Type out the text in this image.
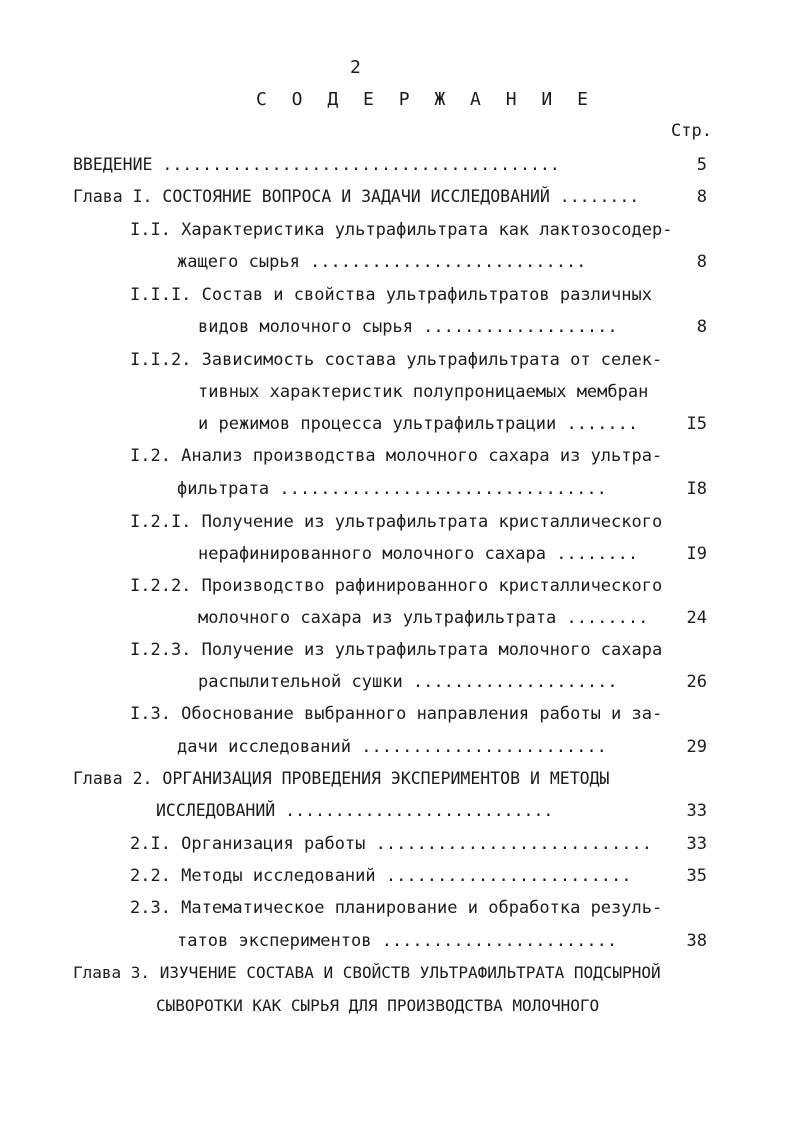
2
С О Д Е Р Ж А Н И Е
Стр.
ВВЕДЕНИЕ ........................................	5
Глава I. СОСТОЯНИЕ ВОПРОСА И ЗАДАЧИ ИССЛЕДОВАНИЙ ........	8
I.I. Характеристика ультрафильтрата как лактозосодер-
жащего сырья ...........................	8
I.I.I. Состав и свойства ультрафильтратов различных
видов молочного сырья ...................	8
I.I.2. Зависимость состава ультрафильтрата от селек-
тивных характеристик полупроницаемых мембран
и режимов процесса ультрафильтрации .......	I5
I.2. Анализ производства молочного сахара из ультра-
фильтрата ................................	I8
I.2.I. Получение из ультрафильтрата кристаллического
нерафинированного молочного сахара ........	I9
I.2.2. Производство рафинированного кристаллического
молочного сахара из ультрафильтрата ........	24
I.2.3. Получение из ультрафильтрата молочного сахара
распылительной сушки ....................	26
I.3. Обоснование выбранного направления работы и за-
дачи исследований ........................	29
Глава 2. ОРГАНИЗАЦИЯ ПРОВЕДЕНИЯ ЭКСПЕРИМЕНТОВ И МЕТОДЫ
ИССЛЕДОВАНИЙ ...........................	33
2.I. Организация работы ...........................	33
2.2. Методы исследований ........................	35
2.3. Математическое планирование и обработка резуль-
татов экспериментов .......................	38
Глава 3. ИЗУЧЕНИЕ СОСТАВА И СВОЙСТВ УЛЬТРАФИЛЬТРАТА ПОДСЫРНОЙ
СЫВОРОТКИ КАК СЫРЬЯ ДЛЯ ПРОИЗВОДСТВА МОЛОЧНОГО
